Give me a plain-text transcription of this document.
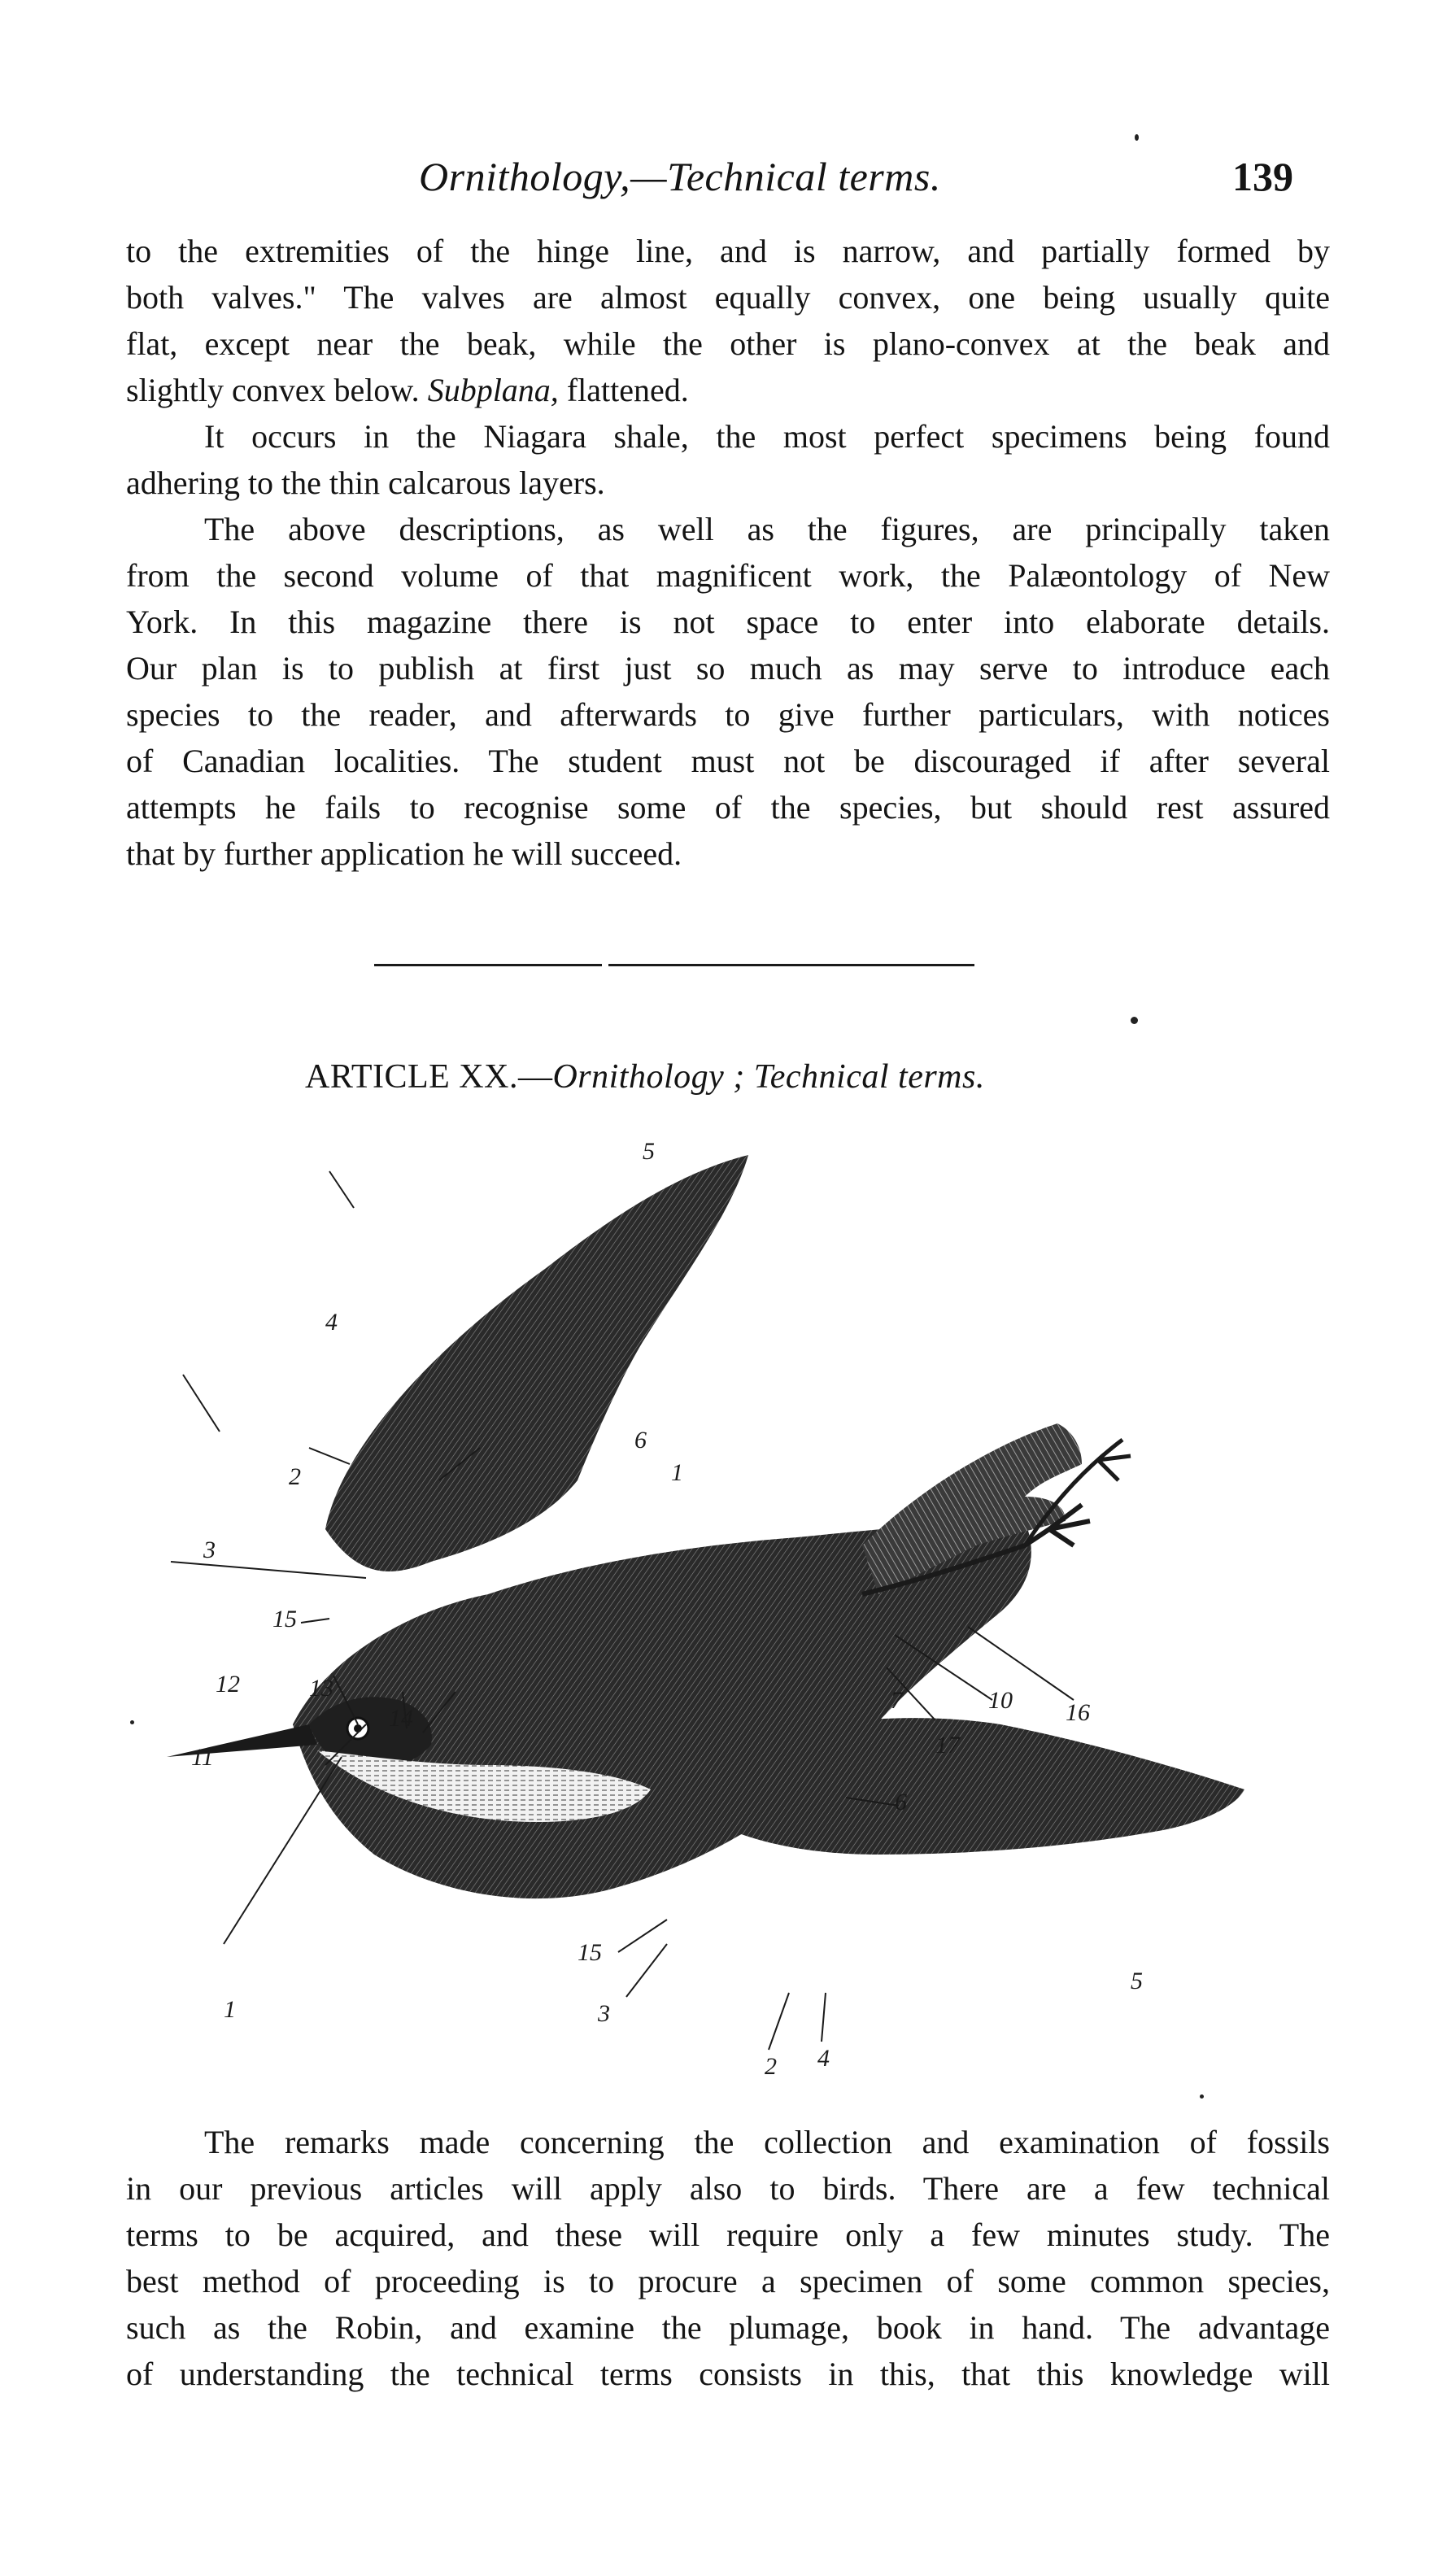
Ornithology,—Technical terms.	139
to the extremities of the hinge line, and is narrow, and partially formed by
both valves." The valves are almost equally convex, one being usually quite
flat, except near the beak, while the other is plano-convex at the beak and
slightly convex below. Subplana, flattened.
It occurs in the Niagara shale, the most perfect specimens being found
adhering to the thin calcarous layers.
The above descriptions, as well as the figures, are principally taken
from the second volume of that magnificent work, the Palæontology of New
York. In this magazine there is not space to enter into elaborate details.
Our plan is to publish at first just so much as may serve to introduce each
species to the reader, and afterwards to give further particulars, with notices
of Canadian localities. The student must not be discouraged if after several
attempts he fails to recognise some of the species, but should rest assured
that by further application he will succeed.
ARTICLE XX.—Ornithology ; Technical terms.
5
4
6
1
2
3
15
12	13
14
11
1
7	10 16
17
6
15
3
2 4
5
The remarks made concerning the collection and examination of fossils
in our previous articles will apply also to birds. There are a few technical
terms to be acquired, and these will require only a few minutes study. The
best method of proceeding is to procure a specimen of some common species,
such as the Robin, and examine the plumage, book in hand. The advantage
of understanding the technical terms consists in this, that this knowledge will
